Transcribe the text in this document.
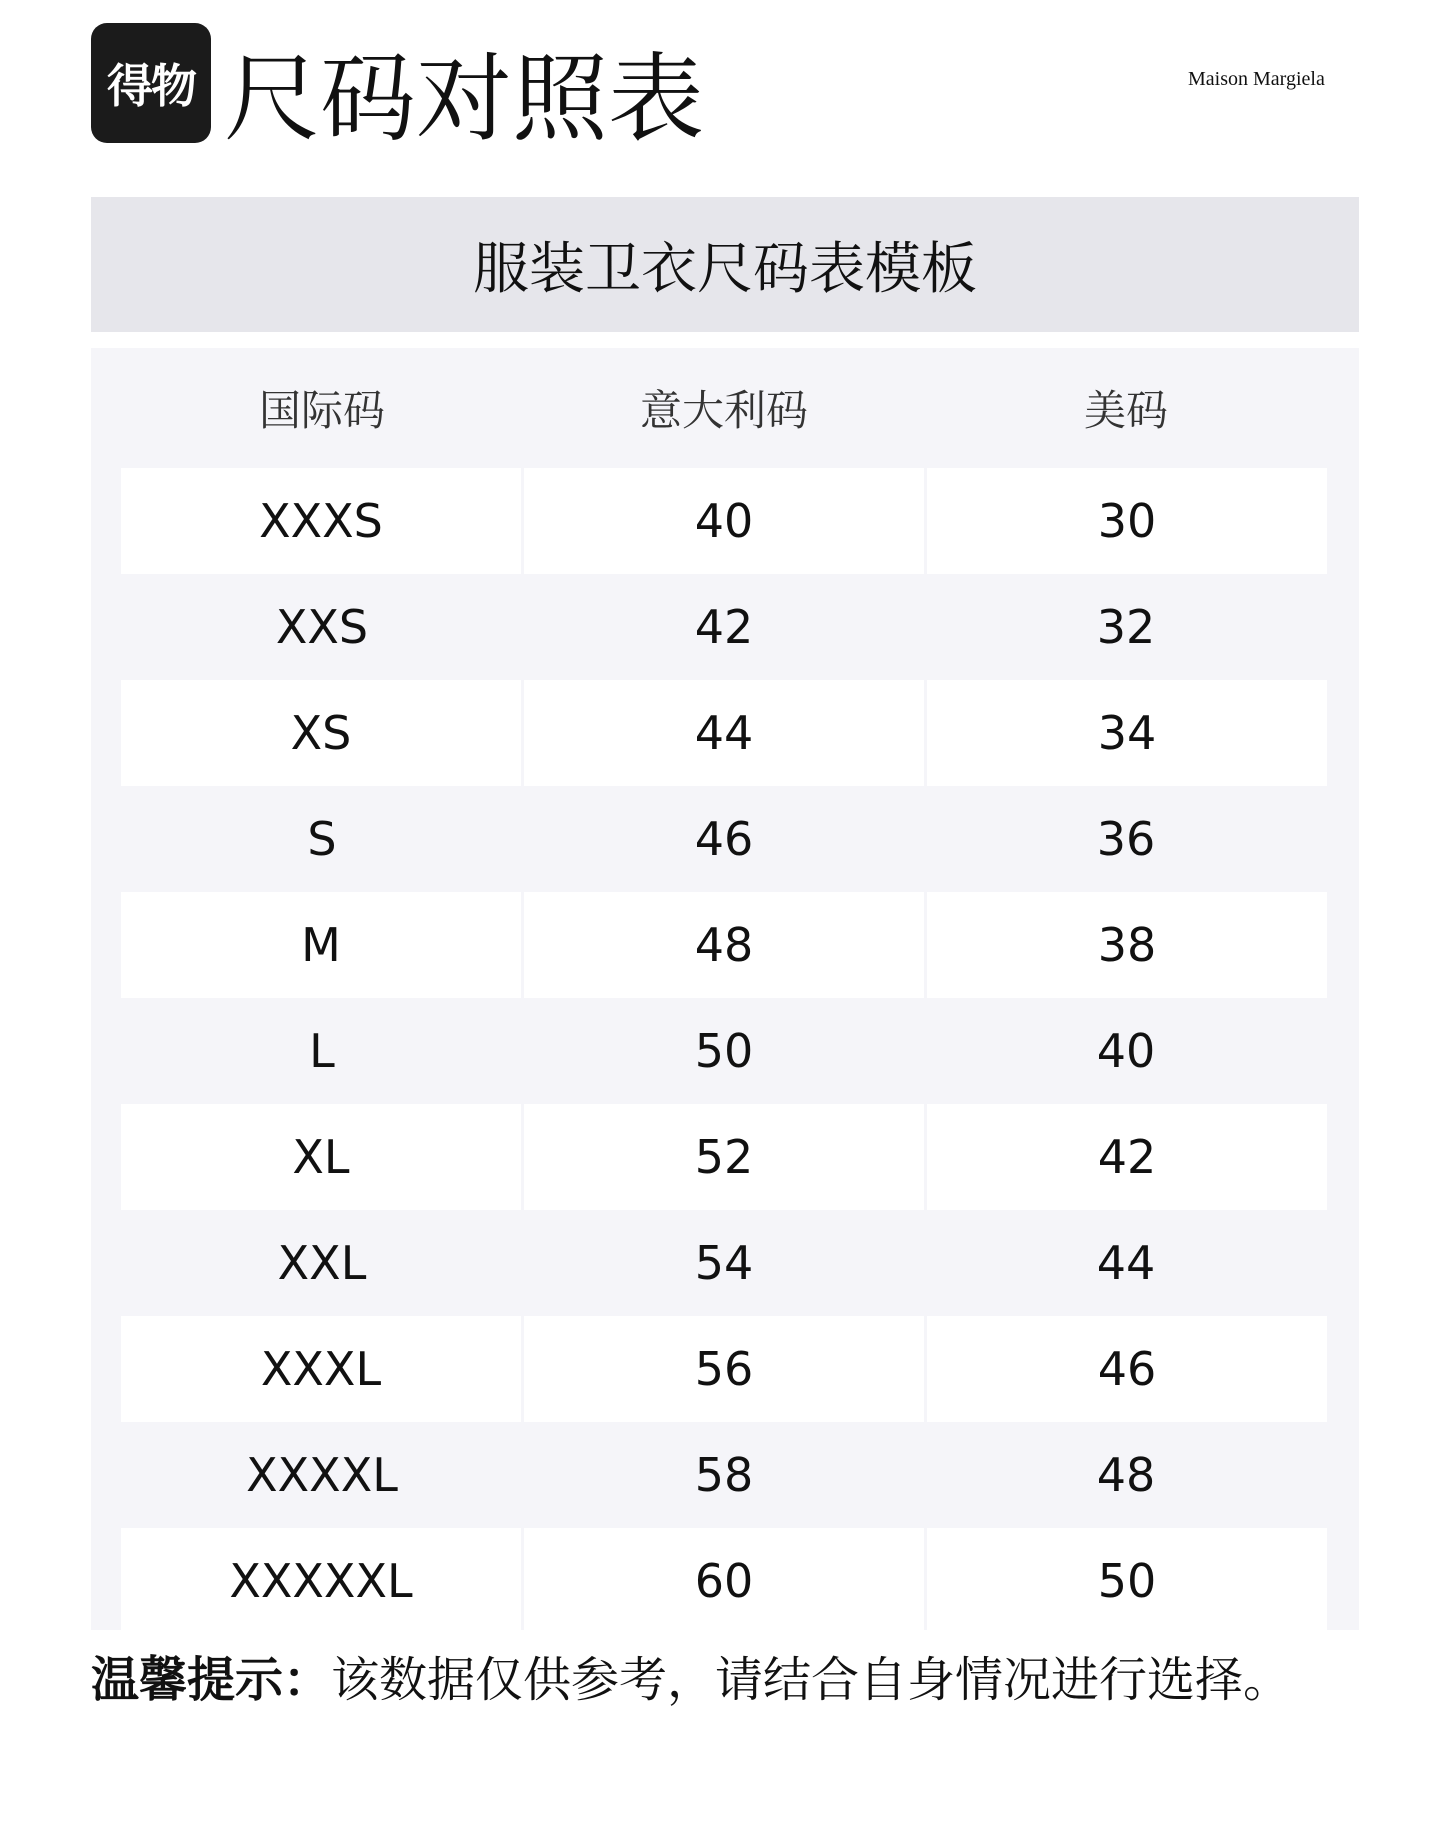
得物 尺码对照表	Maison Margiela
服装卫衣尺码表模板
国际码	意大利码	美码
XXXS	40	30
XXS	42	32
XS	44	34
S	46	36
M	48	38
L	50	40
XL	52	42
XXL	54	44
XXXL	56	46
XXXXL	58	48
XXXXXL	60	50
温馨提示：该数据仅供参考，请结合自身情况进行选择。
